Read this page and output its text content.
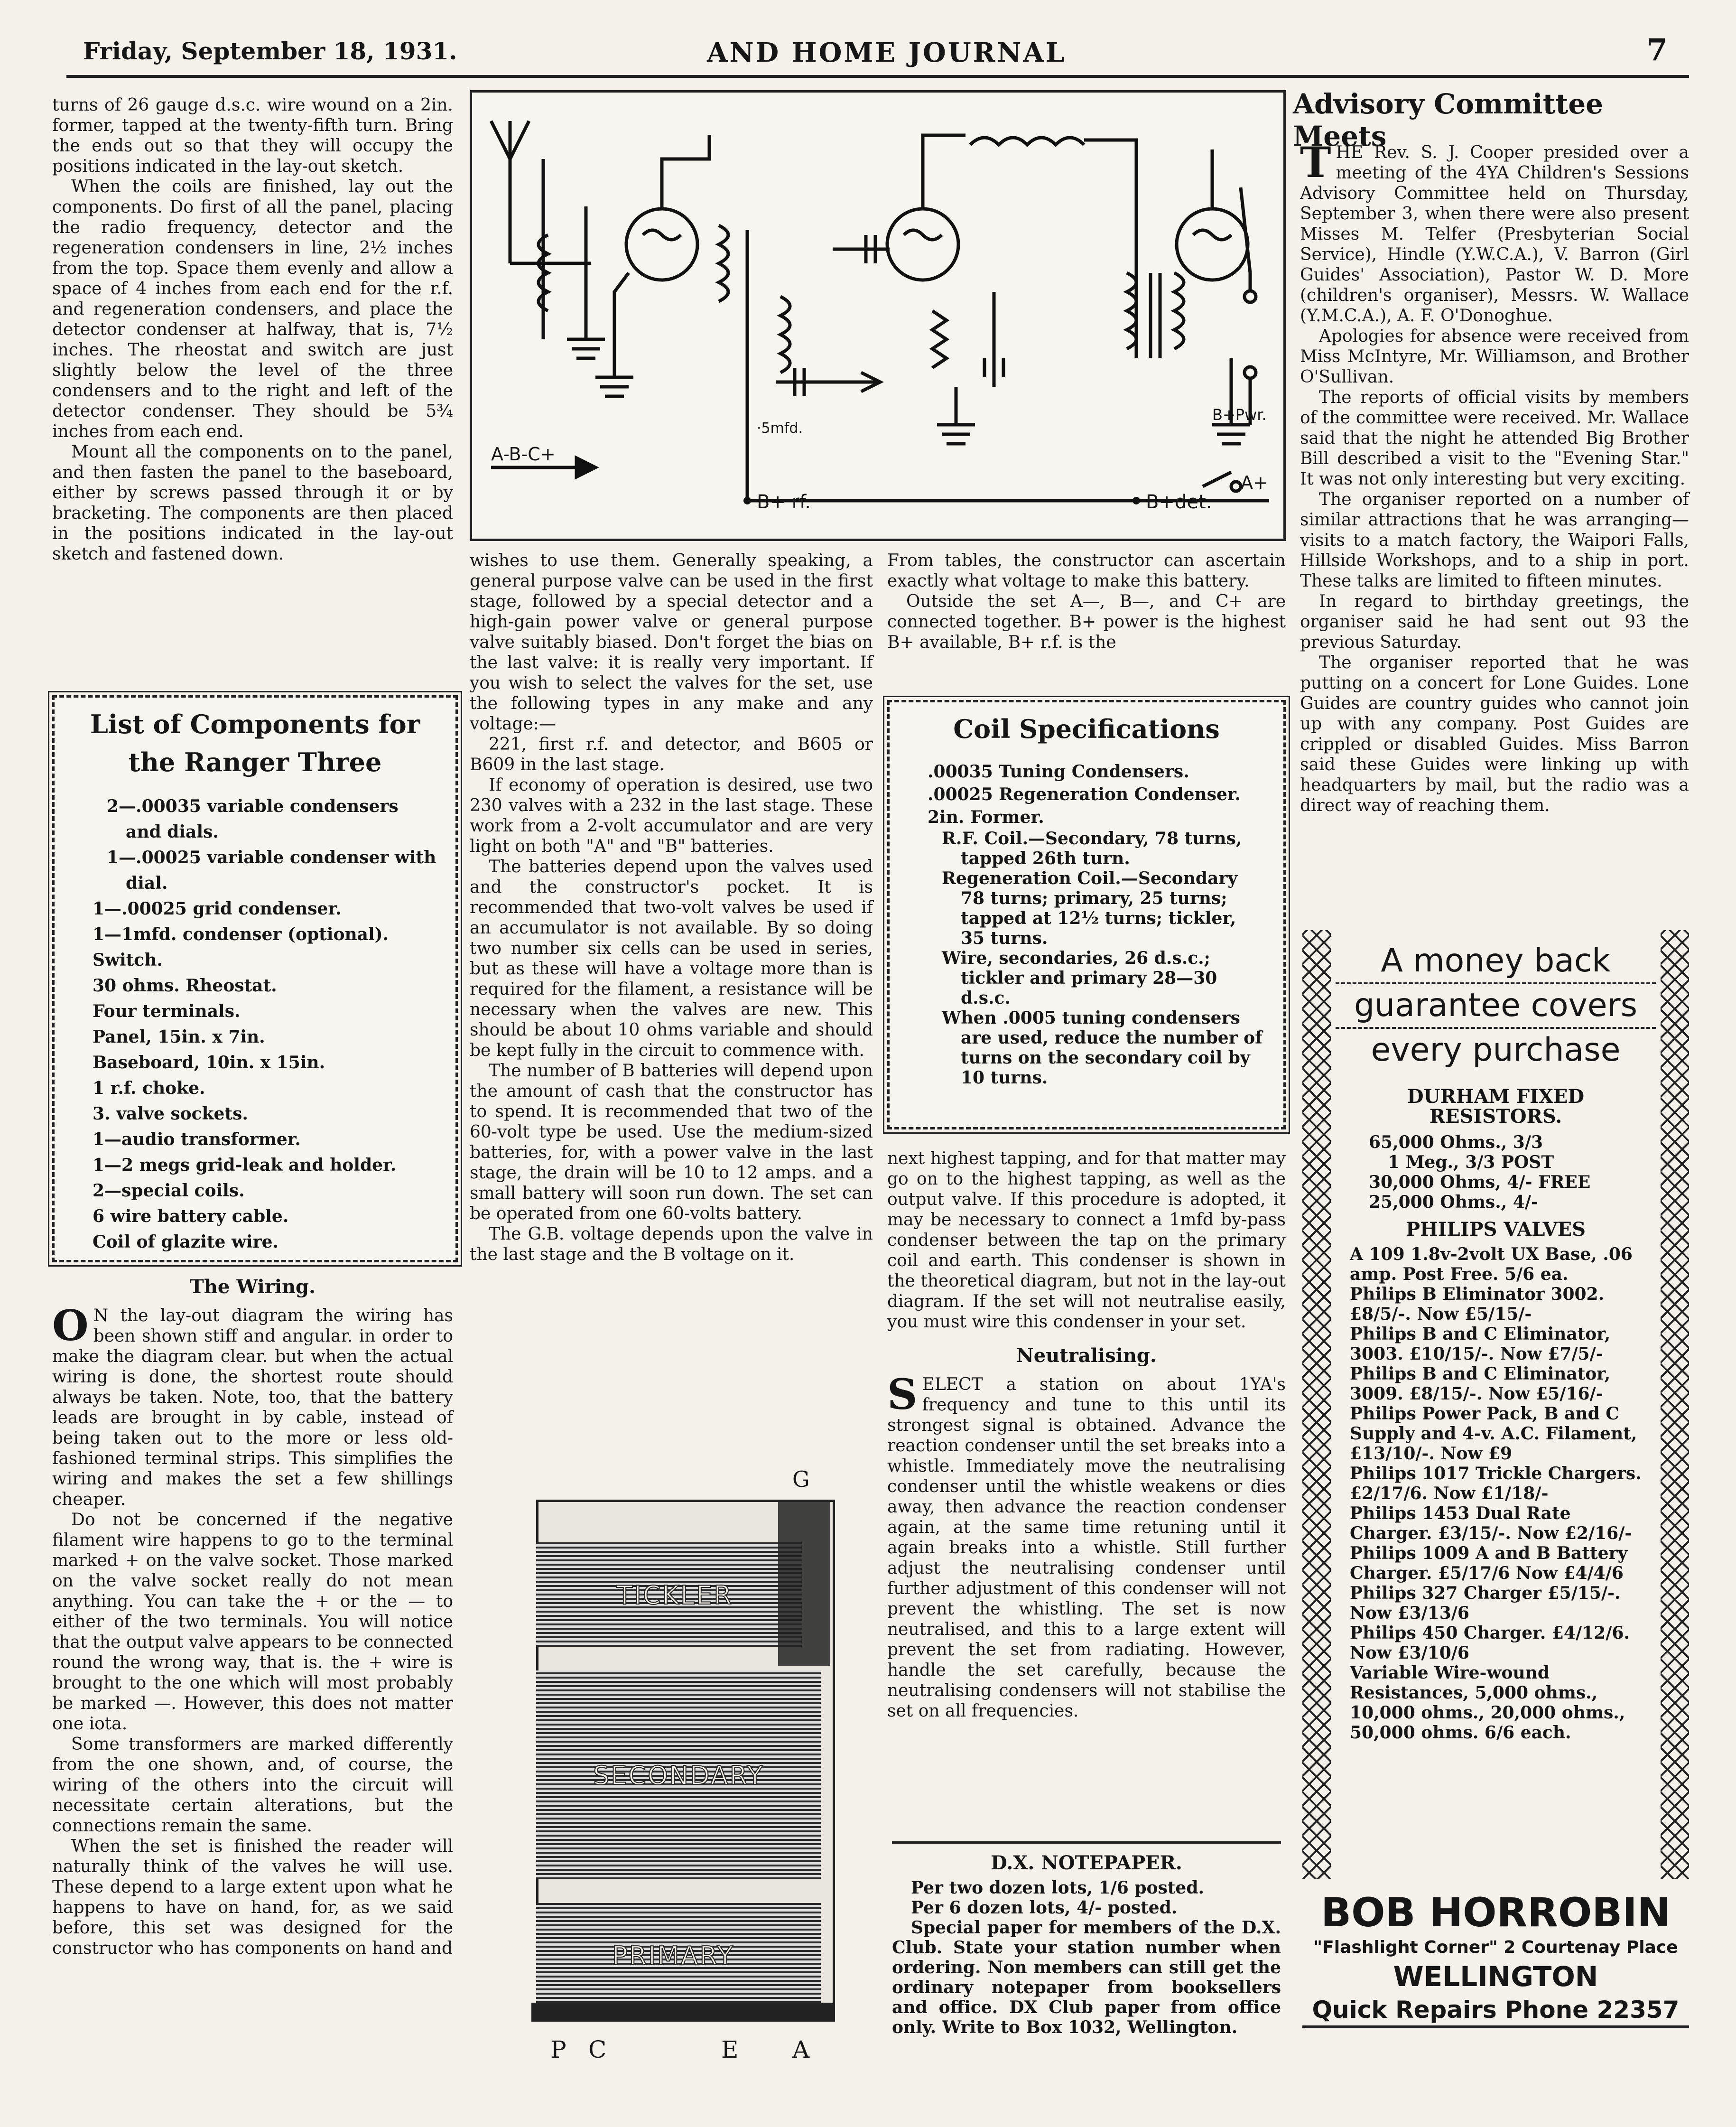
Friday, September 18, 1931.	AND HOME JOURNAL	7

turns of 26 gauge d.s.c. wire wound on a 2in. former, tapped at the twenty-fifth turn. Bring the ends out so that they will occupy the positions indicated in the lay-out sketch.

When the coils are finished, lay out the components. Do first of all the panel, placing the radio frequency, detector and the regeneration condensers in line, 2½ inches from the top. Space them evenly and allow a space of 4 inches from each end for the r.f. and regeneration condensers, and place the detector condenser at halfway, that is, 7½ inches. The rheostat and switch are just slightly below the level of the three condensers and to the right and left of the detector condenser. They should be 5¾ inches from each end.

Mount all the components on to the panel, and then fasten the panel to the baseboard, either by screws passed through it or by bracketing. The components are then placed in the positions indicated in the lay-out sketch and fastened down.

List of Components for the Ranger Three
2—.00035 variable condensers and dials.
1—.00025 variable condenser with dial.
1—.00025 grid condenser.
1—1mfd. condenser (optional).
Switch.
30 ohms. Rheostat.
Four terminals.
Panel, 15in. x 7in.
Baseboard, 10in. x 15in.
1 r.f. choke.
3. valve sockets.
1—audio transformer.
1—2 megs grid-leak and holder.
2—special coils.
6 wire battery cable.
Coil of glazite wire.
The Wiring.

O N the lay-out diagram the wiring has been shown stiff and angular. in order to make the diagram clear. but when the actual wiring is done, the shortest route should always be taken. Note, too, that the battery leads are brought in by cable, instead of being taken out to the more or less old-fashioned terminal strips. This simplifies the wiring and makes the set a few shillings cheaper.

Do not be concerned if the negative filament wire happens to go to the terminal marked + on the valve socket. Those marked on the valve socket really do not mean anything. You can take the + or the — to either of the two terminals. You will notice that the output valve appears to be connected round the wrong way, that is. the + wire is brought to the one which will most probably be marked —. However, this does not matter one iota.

Some transformers are marked differently from the one shown, and, of course, the wiring of the others into the circuit will necessitate certain alterations, but the connections remain the same.

When the set is finished the reader will naturally think of the valves he will use. These depend to a large extent upon what he happens to have on hand, for, as we said before, this set was designed for the constructor who has components on hand and

A-B-C+
·5mfd.
B+ rf.	B+det.
B+Pwr.
A+

wishes to use them. Generally speaking, a general purpose valve can be used in the first stage, followed by a special detector and a high-gain power valve or general purpose valve suitably biased. Don't forget the bias on the last valve: it is really very important. If you wish to select the valves for the set, use the following types in any make and any voltage:—

221, first r.f. and detector, and B605 or B609 in the last stage.

If economy of operation is desired, use two 230 valves with a 232 in the last stage. These work from a 2-volt accumulator and are very light on both "A" and "B" batteries.

The batteries depend upon the valves used and the constructor's pocket. It is recommended that two-volt valves be used if an accumulator is not available. By so doing two number six cells can be used in series, but as these will have a voltage more than is required for the filament, a resistance will be necessary when the valves are new. This should be about 10 ohms variable and should be kept fully in the circuit to commence with.

The number of B batteries will depend upon the amount of cash that the constructor has to spend. It is recommended that two of the 60-volt type be used. Use the medium-sized batteries, for, with a power valve in the last stage, the drain will be 10 to 12 amps. and a small battery will soon run down. The set can be operated from one 60-volts battery.

The G.B. voltage depends upon the valve in the last stage and the B voltage on it.

G
TICKLER
SECONDARY
PRIMARY
P C	E A

From tables, the constructor can ascertain exactly what voltage to make this battery.

Outside the set A—, B—, and C+ are connected together. B+ power is the highest B+ available, B+ r.f. is the

Coil Specifications
.00035 Tuning Condensers.
.00025 Regeneration Condenser.
2in. Former.
R.F. Coil.—Secondary, 78 turns, tapped 26th turn.
Regeneration Coil.—Secondary 78 turns; primary, 25 turns; tapped at 12½ turns; tickler, 35 turns.
Wire, secondaries, 26 d.s.c.; tickler and primary 28—30 d.s.c.
When .0005 tuning condensers are used, reduce the number of turns on the secondary coil by 10 turns.

next highest tapping, and for that matter may go on to the highest tapping, as well as the output valve. If this procedure is adopted, it may be necessary to connect a 1mfd by-pass condenser between the tap on the primary coil and earth. This condenser is shown in the theoretical diagram, but not in the lay-out diagram. If the set will not neutralise easily, you must wire this condenser in your set.

Neutralising.

SELECT a station on about 1YA's frequency and tune to this until its strongest signal is obtained. Advance the reaction condenser until the set breaks into a whistle. Immediately move the neutralising condenser until the whistle weakens or dies away, then advance the reaction condenser again, at the same time retuning until it again breaks into a whistle. Still further adjust the neutralising condenser until further adjustment of this condenser will not prevent the whistling. The set is now neutralised, and this to a large extent will prevent the set from radiating. However, handle the set carefully, because the neutralising condensers will not stabilise the set on all frequencies.

D.X. NOTEPAPER.
Per two dozen lots, 1/6 posted.
Per 6 dozen lots, 4/- posted.
Special paper for members of the D.X. Club. State your station number when ordering. Non members can still get the ordinary notepaper from booksellers and office. DX Club paper from office only. Write to Box 1032, Wellington.
Advisory Committee Meets

THE Rev. S. J. Cooper presided over a meeting of the 4YA Children's Sessions Advisory Committee held on Thursday, September 3, when there were also present Misses M. Telfer (Presbyterian Social Service), Hindle (Y.W.C.A.), V. Barron (Girl Guides' Association), Pastor W. D. More (children's organiser), Messrs. W. Wallace (Y.M.C.A.), A. F. O'Donoghue.

Apologies for absence were received from Miss McIntyre, Mr. Williamson, and Brother O'Sullivan.

The reports of official visits by members of the committee were received. Mr. Wallace said that the night he attended Big Brother Bill described a visit to the "Evening Star." It was not only interesting but very exciting.

The organiser reported on a number of similar attractions that he was arranging—visits to a match factory, the Waipori Falls, Hillside Workshops, and to a ship in port. These talks are limited to fifteen minutes.

In regard to birthday greetings, the organiser said he had sent out 93 the previous Saturday.

The organiser reported that he was putting on a concert for Lone Guides. Lone Guides are country guides who cannot join up with any company. Post Guides are crippled or disabled Guides. Miss Barron said these Guides were linking up with headquarters by mail, but the radio was a direct way of reaching them.

A money back
guarantee covers
every purchase
DURHAM FIXED RESISTORS.
65,000 Ohms., 3/3
1 Meg., 3/3 POST
30,000 Ohms, 4/- FREE
25,000 Ohms., 4/-
PHILIPS VALVES
A 109 1.8v-2volt UX Base, .06 amp. Post Free. 5/6 ea.
Philips B Eliminator 3002. £8/5/-. Now £5/15/-
Philips B and C Eliminator, 3003. £10/15/-. Now £7/5/-
Philips B and C Eliminator, 3009. £8/15/-. Now £5/16/-
Philips Power Pack, B and C Supply and 4-v. A.C. Filament, £13/10/-. Now £9
Philips 1017 Trickle Chargers. £2/17/6. Now £1/18/-
Philips 1453 Dual Rate Charger. £3/15/-. Now £2/16/-
Philips 1009 A and B Battery Charger. £5/17/6 Now £4/4/6
Philips 327 Charger £5/15/-. Now £3/13/6
Philips 450 Charger. £4/12/6. Now £3/10/6
Variable Wire-wound Resistances, 5,000 ohms., 10,000 ohms., 20,000 ohms., 50,000 ohms. 6/6 each.
BOB HORROBIN
"Flashlight Corner" 2 Courtenay Place
WELLINGTON
Quick Repairs Phone 22357
